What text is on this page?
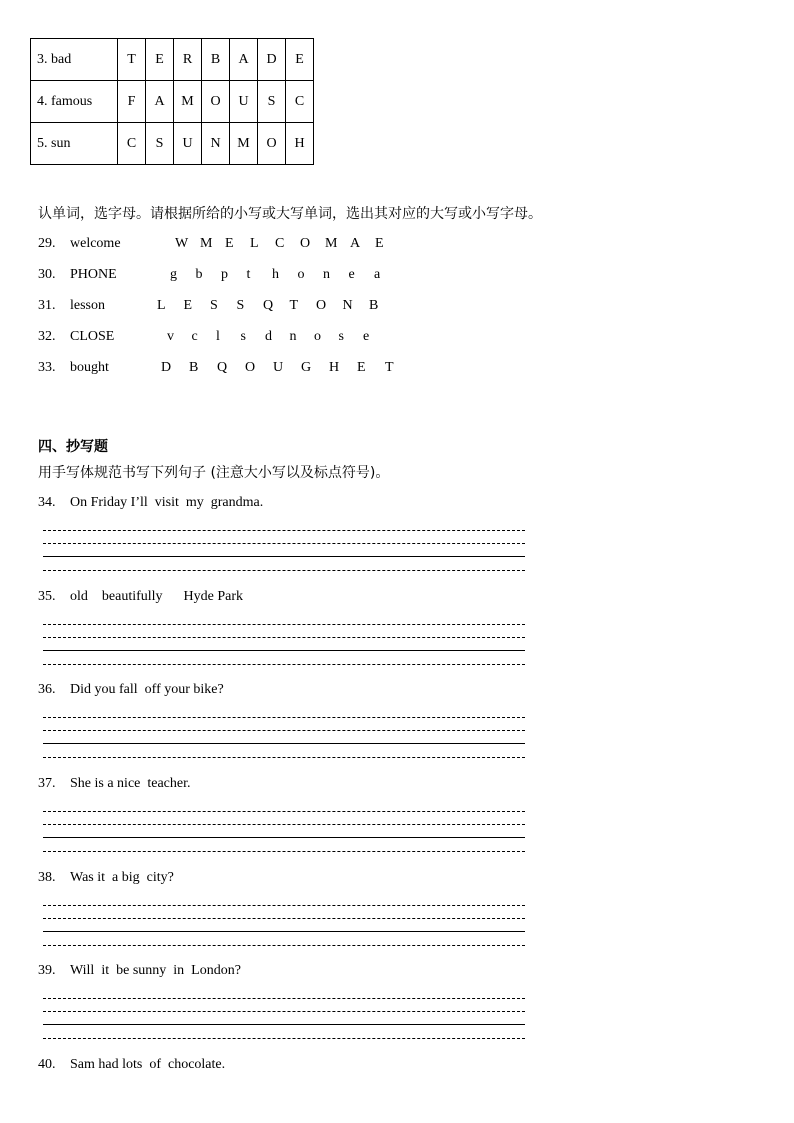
3. bad	T	E	R	B	A	D	E
4. famous	F	A	M	O	U	S	C
5. sun	C	S	U	N	M	O	H
认单词，选字母。请根据所给的小写或大写单词，选出其对应的大写或小写字母。
29. welcome	W M E L C O M A E
30. PHONE	g b p t h o n e a
31. lesson	L E S S Q T O N B
32. CLOSE	v c l s d n o s e
33. bought	D B Q O U G H E T
四、抄写题
用手写体规范书写下列句子 (注意大小写以及标点符号)。
34. On Friday I’ll  visit  my  grandma.
35. old    beautifully      Hyde Park
36. Did you fall  off your bike?
37. She is a nice  teacher.
38. Was it  a big  city?
39. Will  it  be sunny  in  London?
40. Sam had lots  of  chocolate.
